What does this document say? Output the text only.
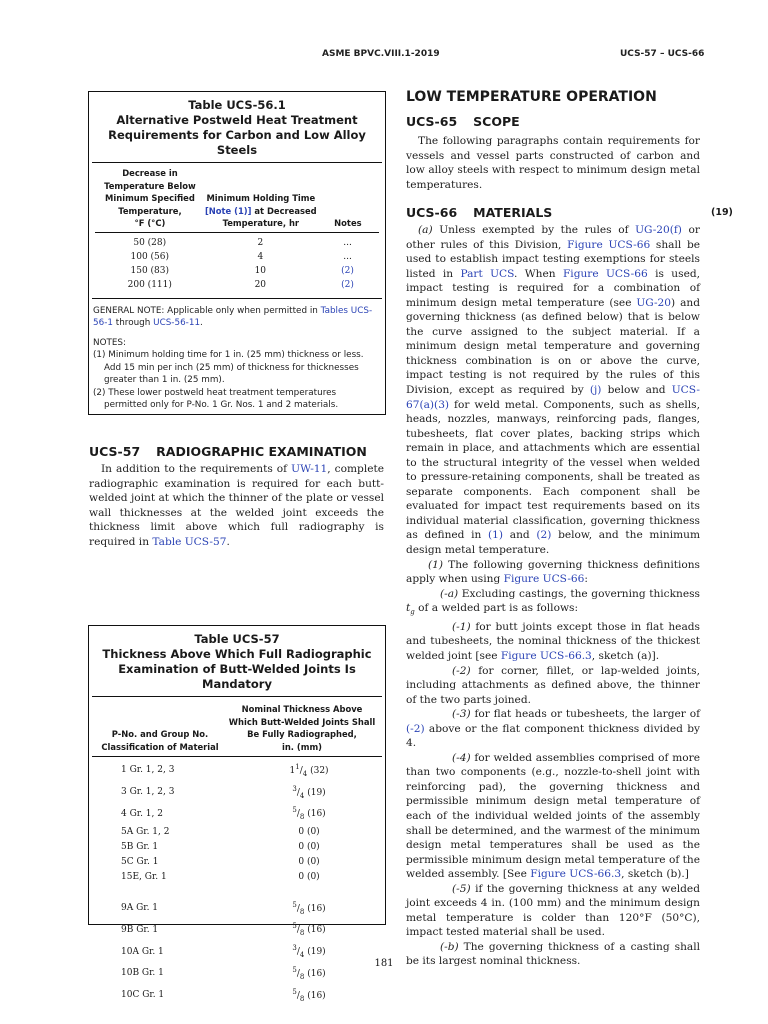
ASME BPVC.VIII.1-2019	UCS-57 – UCS-66
Table UCS-56.1
Alternative Postweld Heat Treatment
Requirements for Carbon and Low Alloy
Steels
Decrease in
Temperature Below
Minimum Specified
Temperature,
°F (°C)

Minimum Holding Time
[Note (1)] at Decreased
Temperature, hr	Notes
50 (28)	2	...
100 (56)	4	...
150 (83)	10	(2)
200 (111)	20	(2)
GENERAL NOTE: Applicable only when permitted in Tables UCS-56-1 through UCS-56-11.
NOTES:
(1) Minimum holding time for 1 in. (25 mm) thickness or less. Add 15 min per inch (25 mm) of thickness for thicknesses greater than 1 in. (25 mm).
(2) These lower postweld heat treatment temperatures permitted only for P-No. 1 Gr. Nos. 1 and 2 materials.
UCS-57 RADIOGRAPHIC EXAMINATION

In addition to the requirements of UW-11, complete radiographic examination is required for each butt-welded joint at which the thinner of the plate or vessel wall thicknesses at the welded joint exceeds the thickness limit above which full radiography is required in Table UCS-57.

Table UCS-57
Thickness Above Which Full Radiographic
Examination of Butt-Welded Joints Is
Mandatory
P-No. and Group No.
Classification of Material

Nominal Thickness Above
Which Butt-Welded Joints Shall
Be Fully Radiographed,
in. (mm)
1 Gr. 1, 2, 3	$1^1/_4$ (32)
3 Gr. 1, 2, 3	$^3/_4$ (19)
4 Gr. 1, 2	$^5/_8$ (16)
5A Gr. 1, 2	0 (0)
5B Gr. 1	0 (0)
5C Gr. 1	0 (0)
15E, Gr. 1	0 (0)
9A Gr. 1	$^5/_8$ (16)
9B Gr. 1	$^5/_8$ (16)
10A Gr. 1	$^3/_4$ (19)
10B Gr. 1	$^5/_8$ (16)
10C Gr. 1	$^5/_8$ (16)
LOW TEMPERATURE OPERATION
UCS-65 SCOPE

The following paragraphs contain requirements for vessels and vessel parts constructed of carbon and low alloy steels with respect to minimum design metal temperatures.

UCS-66 MATERIALS	(19)

(a) Unless exempted by the rules of UG-20(f) or other rules of this Division, Figure UCS-66 shall be used to establish impact testing exemptions for steels listed in Part UCS. When Figure UCS-66 is used, impact testing is required for a combination of minimum design metal temperature (see UG-20) and governing thickness (as defined below) that is below the curve assigned to the subject material. If a minimum design metal temperature and governing thickness combination is on or above the curve, impact testing is not required by the rules of this Division, except as required by (j) below and UCS-67(a)(3) for weld metal. Components, such as shells, heads, nozzles, manways, reinforcing pads, flanges, tubesheets, flat cover plates, backing strips which remain in place, and attachments which are essential to the structural integrity of the vessel when welded to pressure-retaining components, shall be treated as separate components. Each component shall be evaluated for impact test requirements based on its individual material classification, governing thickness as defined in (1) and (2) below, and the minimum design metal temperature.

(1) The following governing thickness definitions apply when using Figure UCS-66:

(-a) Excluding castings, the governing thickness $t_g$ of a welded part is as follows:

(-1) for butt joints except those in flat heads and tubesheets, the nominal thickness of the thickest welded joint [see Figure UCS-66.3, sketch (a)].

(-2) for corner, fillet, or lap-welded joints, including attachments as defined above, the thinner of the two parts joined.

(-3) for flat heads or tubesheets, the larger of (-2) above or the flat component thickness divided by 4.

(-4) for welded assemblies comprised of more than two components (e.g., nozzle-to-shell joint with reinforcing pad), the governing thickness and permissible minimum design metal temperature of each of the individual welded joints of the assembly shall be determined, and the warmest of the minimum design metal temperatures shall be used as the permissible minimum design metal temperature of the welded assembly. [See Figure UCS-66.3, sketch (b).]

(-5) if the governing thickness at any welded joint exceeds 4 in. (100 mm) and the minimum design metal temperature is colder than 120°F (50°C), impact tested material shall be used.

(-b) The governing thickness of a casting shall be its largest nominal thickness.

181
